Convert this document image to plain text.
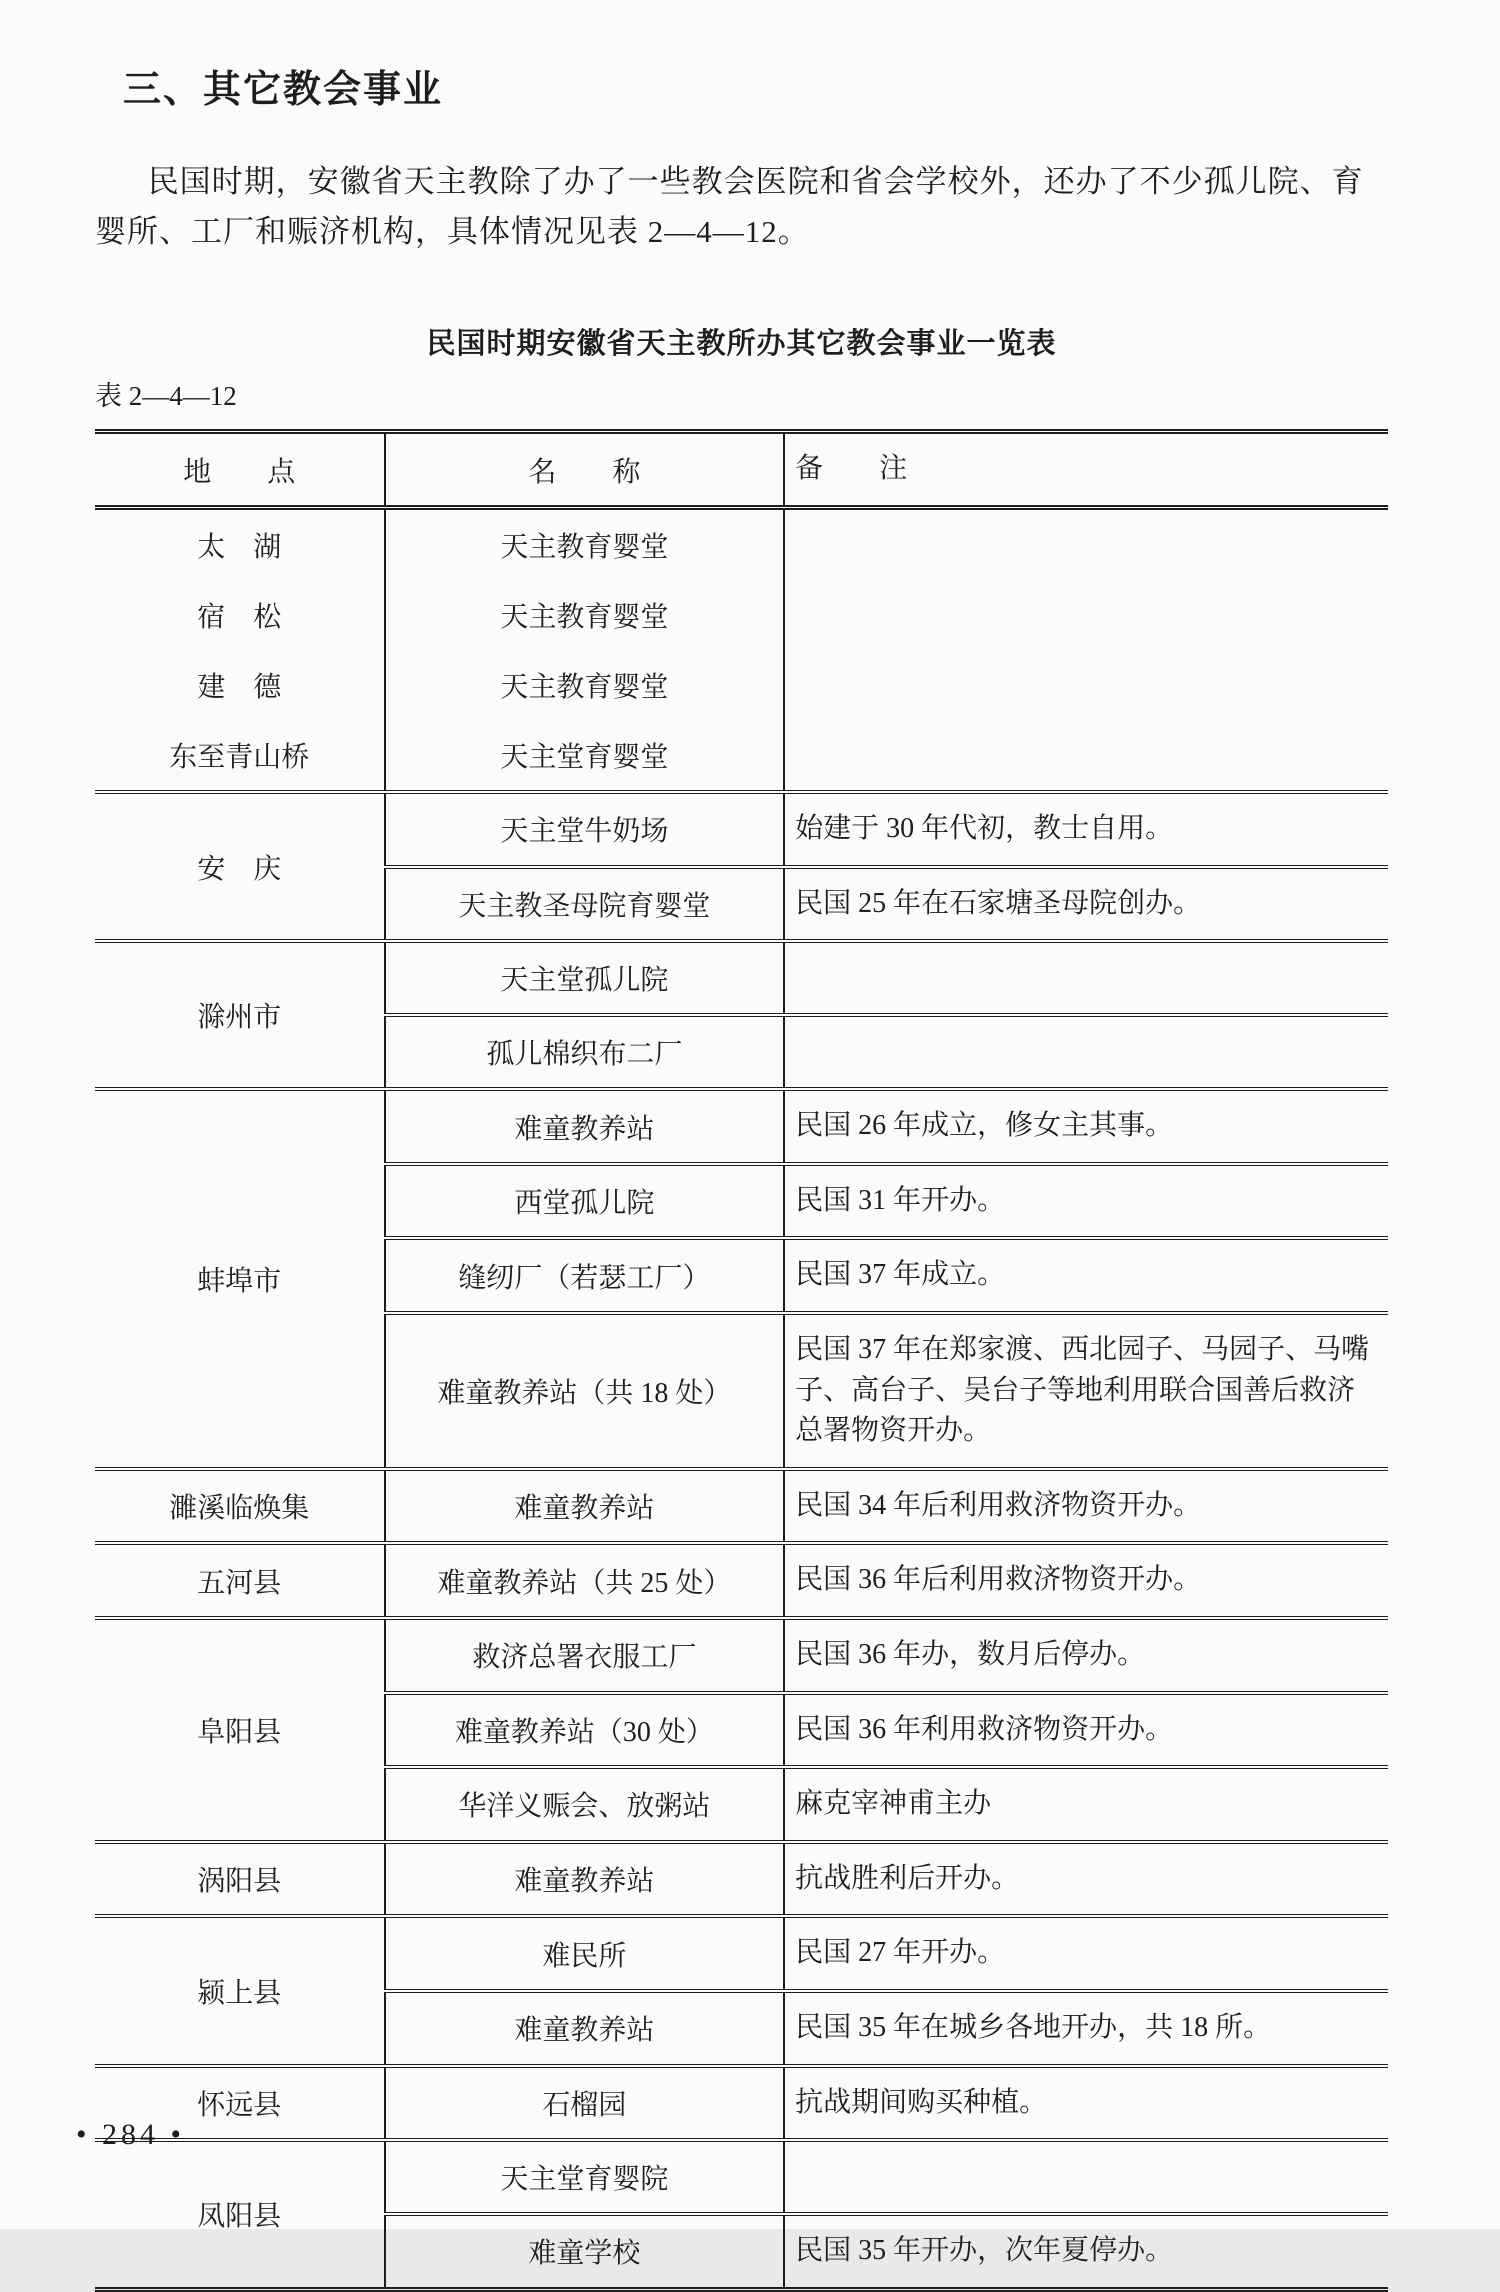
三、其它教会事业

民国时期，安徽省天主教除了办了一些教会医院和省会学校外，还办了不少孤儿院、育婴所、工厂和赈济机构，具体情况见表 2—4—12。

民国时期安徽省天主教所办其它教会事业一览表
表 2—4—12
地　　点	名　　称	备　　注
太　湖	天主教育婴堂	
宿　松	天主教育婴堂	
建　德	天主教育婴堂	
东至青山桥	天主堂育婴堂	
安　庆	天主堂牛奶场	始建于 30 年代初，教士自用。
	天主教圣母院育婴堂	民国 25 年在石家塘圣母院创办。
滁州市	天主堂孤儿院	
	孤儿棉织布二厂	
蚌埠市	难童教养站	民国 26 年成立，修女主其事。
	西堂孤儿院	民国 31 年开办。
	缝纫厂（若瑟工厂）	民国 37 年成立。
	难童教养站（共 18 处）	民国 37 年在郑家渡、西北园子、马园子、马嘴子、高台子、吴台子等地利用联合国善后救济总署物资开办。
濉溪临焕集	难童教养站	民国 34 年后利用救济物资开办。
五河县	难童教养站（共 25 处）	民国 36 年后利用救济物资开办。
阜阳县	救济总署衣服工厂	民国 36 年办，数月后停办。
	难童教养站（30 处）	民国 36 年利用救济物资开办。
	华洋义赈会、放粥站	麻克宰神甫主办
涡阳县	难童教养站	抗战胜利后开办。
颍上县	难民所	民国 27 年开办。
	难童教养站	民国 35 年在城乡各地开办，共 18 所。
怀远县	石榴园	抗战期间购买种植。
凤阳县	天主堂育婴院	
	难童学校	民国 35 年开办，次年夏停办。
• 284 •
